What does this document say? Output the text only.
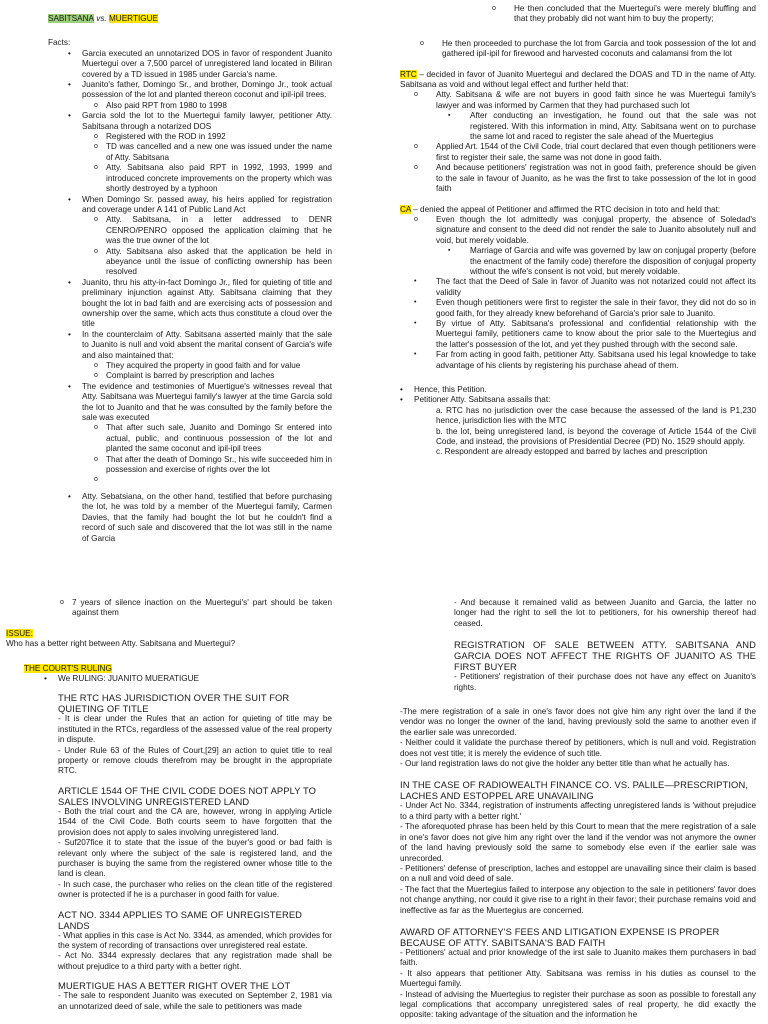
SABITSANA vs. MUERTIGUE

Facts:

• Garcia executed an unnotarized DOS in favor of respondent Juanito Muertegui over a 7,500 parcel of unregistered land located in Biliran covered by a TD issued in 1985 under Garcia's name.
• Juanito's father, Domingo Sr., and brother, Domingo Jr., took actual possession of the lot and planted thereon coconut and ipil-ipil trees.
o Also paid RPT from 1980 to 1998
• Garcia sold the lot to the Muertegui family lawyer, petitioner Atty. Sabitsana through a notarized DOS
o Registered with the ROD in 1992
o TD was cancelled and a new one was issued under the name of Atty. Sabitsana
o Atty. Sabitsana also paid RPT in 1992, 1993, 1999 and introduced concrete improvements on the property which was shortly destroyed by a typhoon
• When Domingo Sr. passed away, his heirs applied for registration and coverage under A 141 of Public Land Act
o Atty. Sabitsana, in a letter addressed to DENR CENRO/PENRO opposed the application claiming that he was the true owner of the lot
o Atty. Sabitsana also asked that the application be held in abeyance until the issue of conflicting ownership has been resolved
• Juanito, thru his atty-in-fact Domingo Jr., filed for quieting of title and preliminary injunction against Atty. Sabitsana claiming that they bought the lot in bad faith and are exercising acts of possession and ownership over the same, which acts thus constitute a cloud over the title
• In the counterclaim of Atty. Sabitsana asserted mainly that the sale to Juanito is null and void absent the marital consent of Garcia's wife and also maintained that:
o They acquired the property in good faith and for value
o Complaint is barred by prescription and laches
• The evidence and testimonies of Muertigue's witnesses reveal that Atty. Sabitsana was Muertegui family's lawyer at the time Garcia sold the lot to Juanito and that he was consulted by the family before the sale was executed
o That after such sale, Juanito and Domingo Sr entered into actual, public, and continuous possession of the lot and planted the same coconut and ipil-ipil trees
o That after the death of Domingo Sr., his wife succeeded him in possession and exercise of rights over the lot
o

• Atty. Sebatsiana, on the other hand, testified that before purchasing the lot, he was told by a member of the Muertegui family, Carmen Davies, that the family had bought the lot but he couldn't find a record of such sale and discovered that the lot was still in the name of Garcia
o He then concluded that the Muertegui's were merely bluffing and that they probably did not want him to buy the property;
o He then proceeded to purchase the lot from Garcia and took possession of the lot and gathered ipil-ipil for firewood and harvested coconuts and calamansi from the lot

RTC – decided in favor of Juanito Muertegui and declared the DOAS and TD in the name of Atty. Sabitsana as void and without legal effect and further held that:

o Atty. Sabitsana & wife are not buyers in good faith since he was Muertegui family's lawyer and was informed by Carmen that they had purchased such lot
▪ After conducting an investigation, he found out that the sale was not registered. With this information in mind, Atty. Sabitsana went on to purchase the same lot and raced to register the sale ahead of the Muertegius
o Applied Art. 1544 of the Civil Code, trial court declared that even though petitioners were first to register their sale, the same was not done in good faith.
o And because petitioners' registration was not in good faith, preference should be given to the sale in favour of Juanito, as he was the first to take possession of the lot in good faith

CA – denied the appeal of Petitioner and affirmed the RTC decision in toto and held that:

o Even though the lot admittedly was conjugal property, the absence of Soledad's signature and consent to the deed did not render the sale to Juanito absolutely null and void, but merely voidable.
▪ Marriage of Garcia and wife was governed by law on conjugal property (before the enactment of the family code) therefore the disposition of conjugal property without the wife's consent is not void, but merely voidable.
• The fact that the Deed of Sale in favor of Juanito was not notarized could not affect its validity
• Even though petitioners were first to register the sale in their favor, they did not do so in good faith, for they already knew beforehand of Garcia's prior sale to Juanito.
• By virtue of Atty. Sabitsana's professional and confidential relationship with the Muertegui family, petitioners came to know about the prior sale to the Muertegius and the latter's possession of the lot, and yet they pushed through with the second sale.
• Far from acting in good faith, petitioner Atty. Sabitsana used his legal knowledge to take advantage of his clients by registering his purchase ahead of them.
• Hence, this Petition.
• Petitioner Atty. Sabitsana assails that:

a. RTC has no jurisdiction over the case because the assessed of the land is P1,230 hence, jurisdiction lies with the MTC

b. the lot, being unregistered land, is beyond the coverage of Article 1544 of the Civil Code, and instead, the provisions of Presidential Decree (PD) No. 1529 should apply.

c. Respondent are already estopped and barred by laches and prescription

o 7 years of silence inaction on the Muertegui's' part should be taken against them

ISSUE:

Who has a better right between Atty. Sabitsana and Muertegui?

THE COURT'S RULING

• We RULING: JUANITO MUERATIGUE

THE RTC HAS JURISDICTION OVER THE SUIT FOR QUIETING OF TITLE

- It is clear under the Rules that an action for quieting of title may be instituted in the RTCs, regardless of the assessed value of the real property in dispute.

- Under Rule 63 of the Rules of Court,[29] an action to quiet title to real property or remove clouds therefrom may be brought in the appropriate RTC.

ARTICLE 1544 OF THE CIVIL CODE DOES NOT APPLY TO SALES INVOLVING UNREGISTERED LAND

- Both the trial court and the CA are, however, wrong in applying Article 1544 of the Civil Code. Both courts seem to have forgotten that the provision does not apply to sales involving unregistered land.

- Suf207fice it to state that the issue of the buyer's good or bad faith is relevant only where the subject of the sale is registered land, and the purchaser is buying the same from the registered owner whose title to the land is clean.

- In such case, the purchaser who relies on the clean title of the registered owner is protected if he is a purchaser in good faith for value.

ACT NO. 3344 APPLIES TO SAME OF UNREGISTERED LANDS

- What applies in this case is Act No. 3344, as amended, which provides for the system of recording of transactions over unregistered real estate.

- Act No. 3344 expressly declares that any registration made shall be without prejudice to a third party with a better right.

MUERTIGUE HAS A BETTER RIGHT OVER THE LOT

- The sale to respondent Juanito was executed on September 2, 1981 via an unnotarized deed of sale, while the sale to petitioners was made

- And because it remained valid as between Juanito and Garcia, the latter no longer had the right to sell the lot to petitioners, for his ownership thereof had ceased.

REGISTRATION OF SALE BETWEEN ATTY. SABITSANA AND GARCIA DOES NOT AFFECT THE RIGHTS OF JUANITO AS THE FIRST BUYER

- Petitioners' registration of their purchase does not have any effect on Juanito's rights.

-The mere registration of a sale in one's favor does not give him any right over the land if the vendor was no longer the owner of the land, having previously sold the same to another even if the earlier sale was unrecorded.

- Neither could it validate the purchase thereof by petitioners, which is null and void. Registration does not vest title; it is merely the evidence of such title.

- Our land registration laws do not give the holder any better title than what he actually has.

IN THE CASE OF RADIOWEALTH FINANCE CO. VS. PALILE—PRESCRIPTION, LACHES AND ESTOPPEL ARE UNAVAILING

- Under Act No. 3344, registration of instruments affecting unregistered lands is 'without prejudice to a third party with a better right.'

- The aforequoted phrase has been held by this Court to mean that the mere registration of a sale in one's favor does not give him any right over the land if the vendor was not anymore the owner of the land having previously sold the same to somebody else even if the earlier sale was unrecorded.

- Petitioners' defense of prescription, laches and estoppel are unavailing since their claim is based on a null and void deed of sale.

- The fact that the Muertegius failed to interpose any objection to the sale in petitioners' favor does not change anything, nor could it give rise to a right in their favor; their purchase remains void and ineffective as far as the Muertegius are concerned.

AWARD OF ATTORNEY'S FEES AND LITIGATION EXPENSE IS PROPER BECAUSE OF ATTY. SABITSANA'S BAD FAITH

- Petitioners' actual and prior knowledge of the irst sale to Juanito makes them purchasers in bad faith.

- It also appears that petitioner Atty. Sabitsana was remiss in his duties as counsel to the Muertegui family.

- Instead of advising the Muertegius to register their purchase as soon as possible to forestall any legal complications that accompany unregistered sales of real property, he did exactly the opposite: taking advantage of the situation and the information he
